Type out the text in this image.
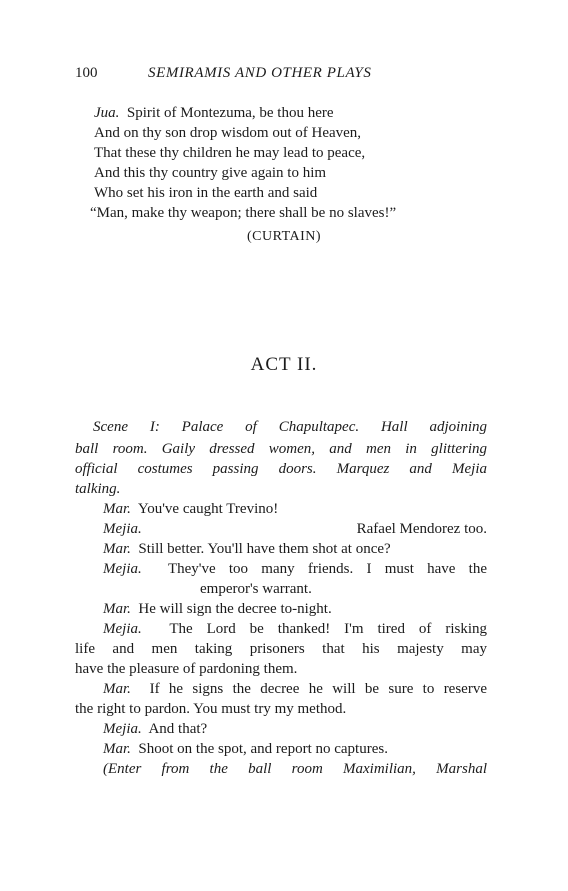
100	SEMIRAMIS AND OTHER PLAYS
Jua. Spirit of Montezuma, be thou here
And on thy son drop wisdom out of Heaven,
That these thy children he may lead to peace,
And this thy country give again to him
Who set his iron in the earth and said
“Man, make thy weapon; there shall be no slaves!”
(CURTAIN)
ACT II.
Scene I: Palace of Chapultapec. Hall adjoining
ball room. Gaily dressed women, and men in glittering
official costumes passing doors. Marquez and Mejia
talking.
Mar. You've caught Trevino!
Mejia.	Rafael Mendorez too.
Mar. Still better. You'll have them shot at once?
Mejia. They've too many friends. I must have the
emperor's warrant.
Mar. He will sign the decree to-night.
Mejia. The Lord be thanked! I'm tired of risking
life and men taking prisoners that his majesty may
have the pleasure of pardoning them.
Mar. If he signs the decree he will be sure to reserve
the right to pardon. You must try my method.
Mejia. And that?
Mar. Shoot on the spot, and report no captures.
(Enter from the ball room Maximilian, Marshal
